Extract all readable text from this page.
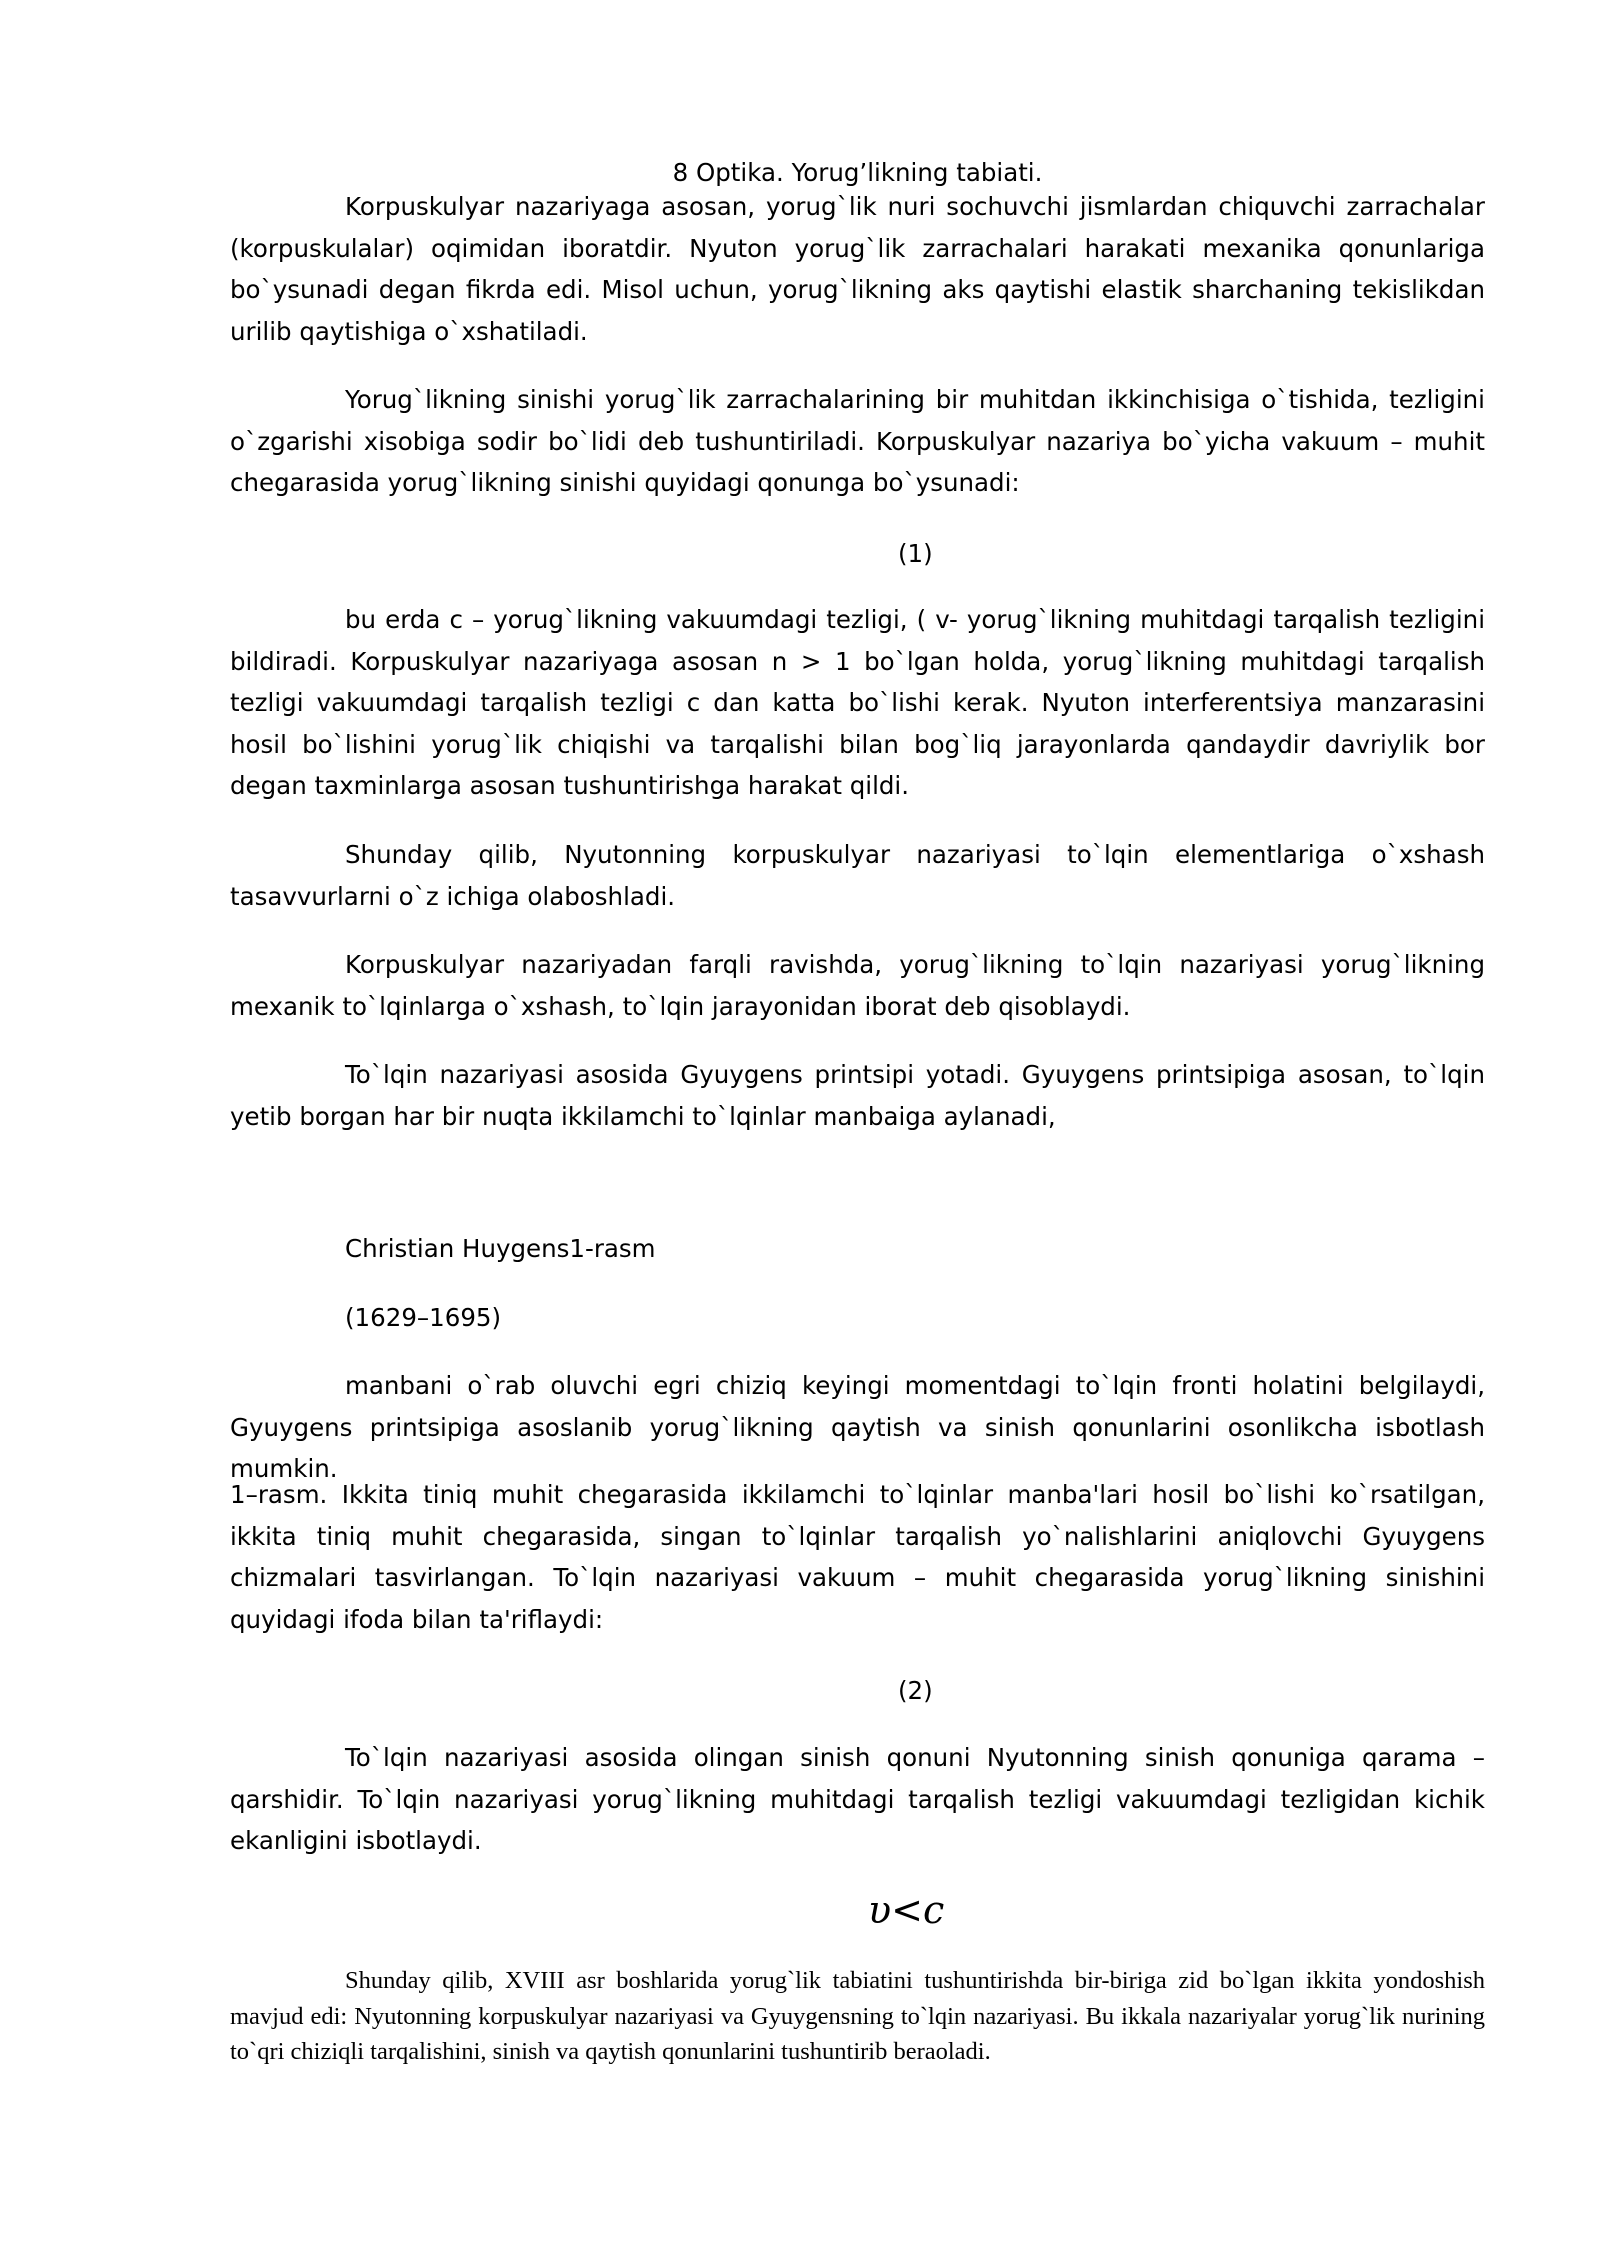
8 Optika. Yorug’likning tabiati.

Korpuskulyar nazariyaga asosan, yorug`lik nuri sochuvchi jismlardan chiquvchi zarrachalar (korpuskulalar) oqimidan iboratdir. Nyuton yorug`lik zarrachalari harakati mexanika qonunlariga bo`ysunadi degan fikrda edi. Misol uchun, yorug`likning aks qaytishi elastik sharchaning tekislikdan urilib qaytishiga o`xshatiladi.

Yorug`likning sinishi yorug`lik zarrachalarining bir muhitdan ikkinchisiga o`tishida, tezligini o`zgarishi xisobiga sodir bo`lidi deb tushuntiriladi. Korpuskulyar nazariya bo`yicha vakuum – muhit chegarasida yorug`likning sinishi quyidagi qonunga bo`ysunadi:

(1)

bu erda c – yorug`likning vakuumdagi tezligi, ( v- yorug`likning muhitdagi tarqalish tezligini bildiradi. Korpuskulyar nazariyaga asosan n > 1 bo`lgan holda, yorug`likning muhitdagi tarqalish tezligi vakuumdagi tarqalish tezligi c dan katta bo`lishi kerak. Nyuton interferentsiya manzarasini hosil bo`lishini yorug`lik chiqishi va tarqalishi bilan bog`liq jarayonlarda qandaydir davriylik bor degan taxminlarga asosan tushuntirishga harakat qildi.

Shunday qilib, Nyutonning korpuskulyar nazariyasi to`lqin elementlariga o`xshash tasavvurlarni o`z ichiga olaboshladi.

Korpuskulyar nazariyadan farqli ravishda, yorug`likning to`lqin nazariyasi yorug`likning mexanik to`lqinlarga o`xshash, to`lqin jarayonidan iborat deb qisoblaydi.

To`lqin nazariyasi asosida Gyuygens printsipi yotadi. Gyuygens printsipiga asosan, to`lqin yetib borgan har bir nuqta ikkilamchi to`lqinlar manbaiga aylanadi,

Christian Huygens1-rasm

(1629–1695)

manbani o`rab oluvchi egri chiziq keyingi momentdagi to`lqin fronti holatini belgilaydi, Gyuygens printsipiga asoslanib yorug`likning qaytish va sinish qonunlarini osonlikcha isbotlash mumkin.

1–rasm. Ikkita tiniq muhit chegarasida ikkilamchi to`lqinlar manba'lari hosil bo`lishi ko`rsatilgan, ikkita tiniq muhit chegarasida, singan to`lqinlar tarqalish yo`nalishlarini aniqlovchi Gyuygens chizmalari tasvirlangan. To`lqin nazariyasi vakuum – muhit chegarasida yorug`likning sinishini quyidagi ifoda bilan ta'riflaydi:

(2)

To`lqin nazariyasi asosida olingan sinish qonuni Nyutonning sinish qonuniga qarama – qarshidir. To`lqin nazariyasi yorug`likning muhitdagi tarqalish tezligi vakuumdagi tezligidan kichik ekanligini isbotlaydi.

υ<c

Shunday qilib, XVIII asr boshlarida yorug`lik tabiatini tushuntirishda bir-biriga zid bo`lgan ikkita yondoshish mavjud edi: Nyutonning korpuskulyar nazariyasi va Gyuygensning to`lqin nazariyasi. Bu ikkala nazariyalar yorug`lik nurining to`qri chiziqli tarqalishini, sinish va qaytish qonunlarini tushuntirib beraoladi.
